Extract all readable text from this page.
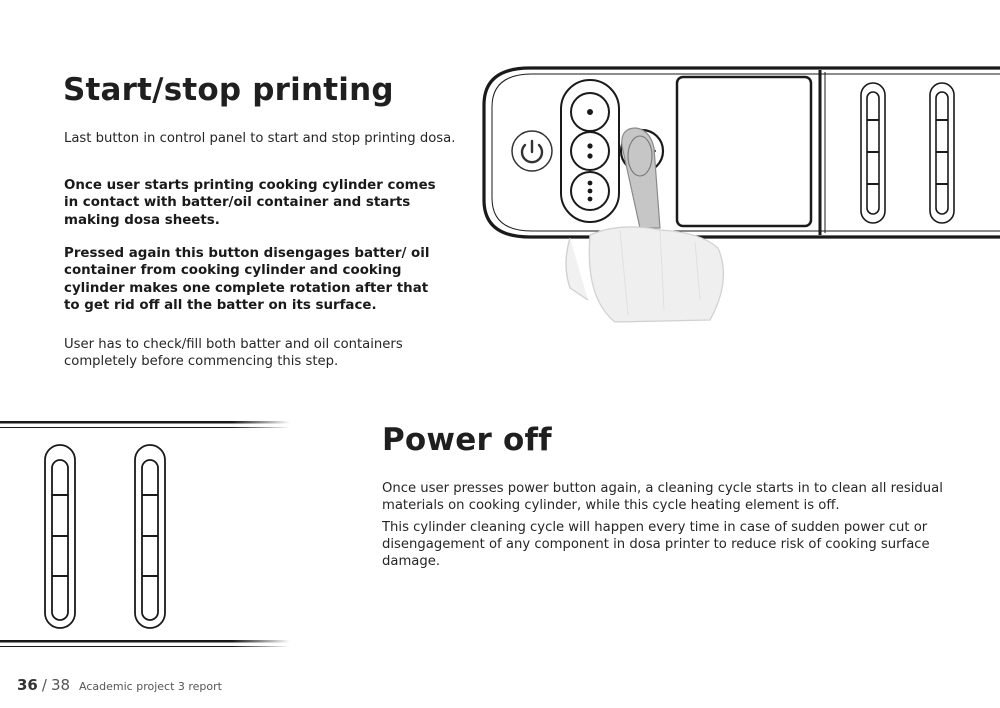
Start/stop printing

Last button in control panel to start and stop printing dosa.

Once user starts printing cooking cylinder comes in contact with batter/oil container and starts making dosa sheets.

Pressed again this button disengages batter/ oil container from cooking cylinder and cooking cylinder makes one complete rotation after that to get rid off all the batter on its surface.

User has to check/fill both batter and oil containers completely before commencing this step.

Power off

Once user presses power button again, a cleaning cycle starts in to clean all residual materials on cooking cylinder, while this cycle heating element is off.

This cylinder cleaning cycle will happen every time in case of sudden power cut or disengagement of any component in dosa printer to reduce risk of cooking surface damage.

36 / 38 Academic project 3 report
